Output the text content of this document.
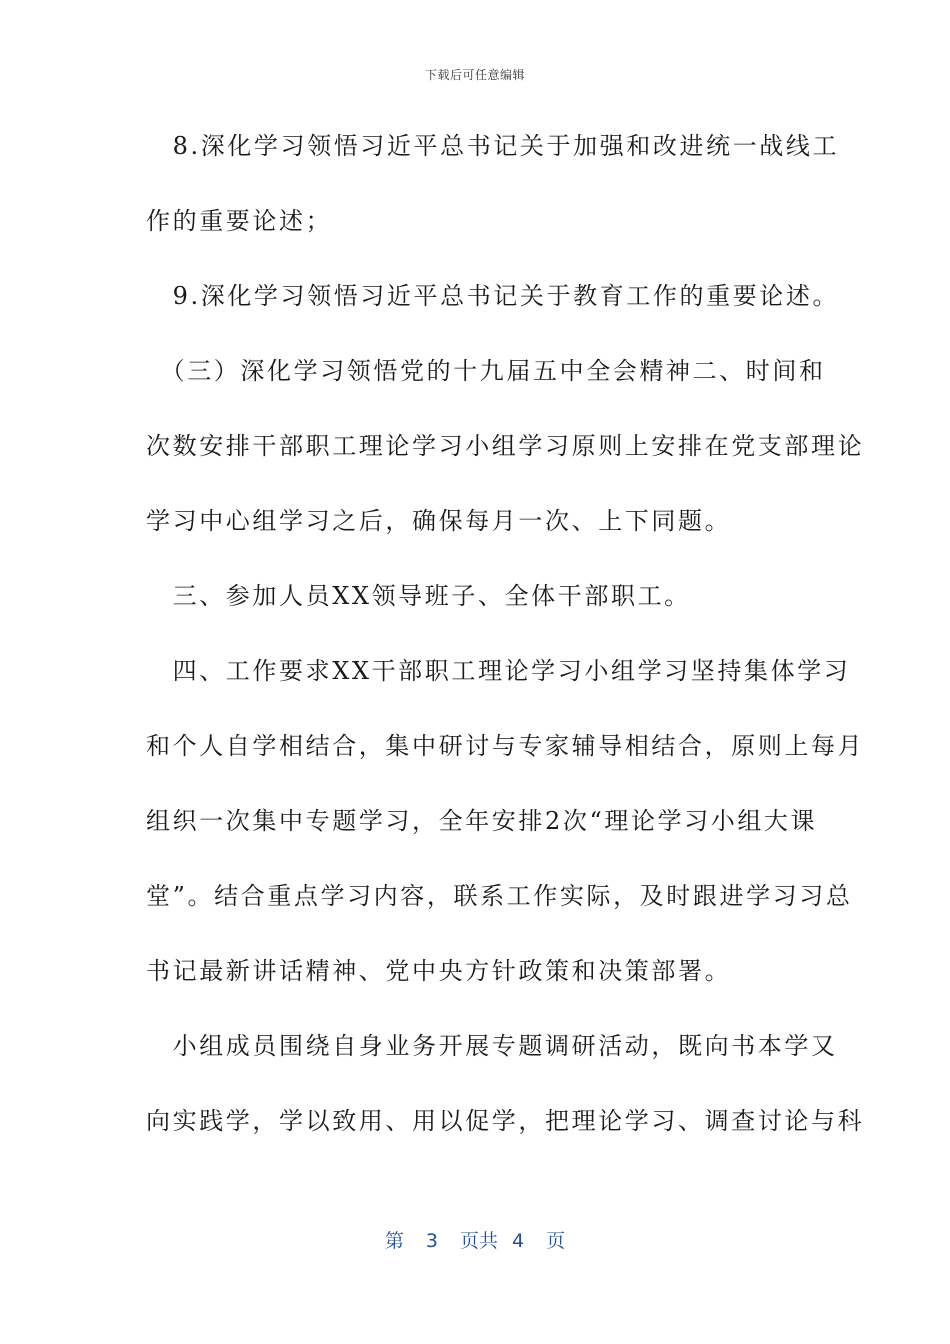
下载后可任意编辑
　8.深化学习领悟习近平总书记关于加强和改进统一战线工
作的重要论述；
　9.深化学习领悟习近平总书记关于教育工作的重要论述。
　（三）深化学习领悟党的十九届五中全会精神二、时间和
次数安排干部职工理论学习小组学习原则上安排在党支部理论
学习中心组学习之后，确保每月一次、上下同题。
　三、参加人员XX领导班子、全体干部职工。
　四、工作要求XX干部职工理论学习小组学习坚持集体学习
和个人自学相结合，集中研讨与专家辅导相结合，原则上每月
组织一次集中专题学习，全年安排2次“理论学习小组大课
堂”。结合重点学习内容，联系工作实际，及时跟进学习习总
书记最新讲话精神、党中央方针政策和决策部署。
　小组成员围绕自身业务开展专题调研活动，既向书本学又
向实践学，学以致用、用以促学，把理论学习、调查讨论与科
第 3 页共 4 页
